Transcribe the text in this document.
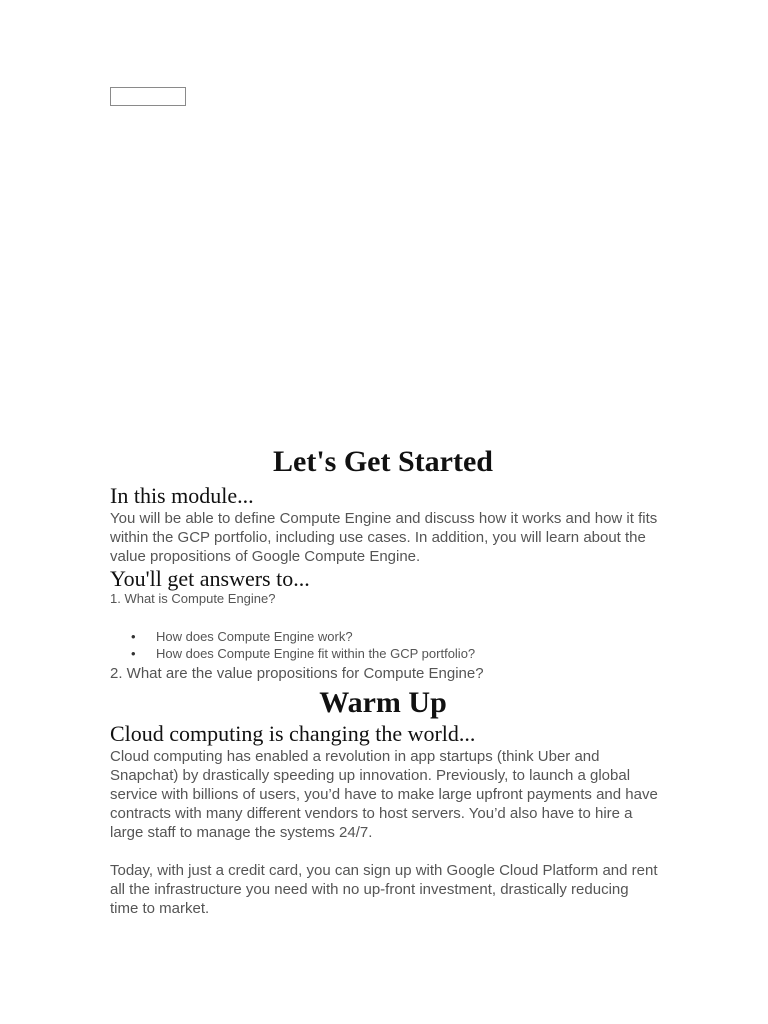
Let's Get Started
In this module...

You will be able to define Compute Engine and discuss how it works and how it fits within the GCP portfolio, including use cases. In addition, you will learn about the value propositions of Google Compute Engine.

You'll get answers to...

1. What is Compute Engine?

• How does Compute Engine work?
• How does Compute Engine fit within the GCP portfolio?

2. What are the value propositions for Compute Engine?

Warm Up
Cloud computing is changing the world...

Cloud computing has enabled a revolution in app startups (think Uber and Snapchat) by drastically speeding up innovation. Previously, to launch a global service with billions of users, you’d have to make large upfront payments and have contracts with many different vendors to host servers. You’d also have to hire a large staff to manage the systems 24/7.

Today, with just a credit card, you can sign up with Google Cloud Platform and rent all the infrastructure you need with no up-front investment, drastically reducing time to market.
